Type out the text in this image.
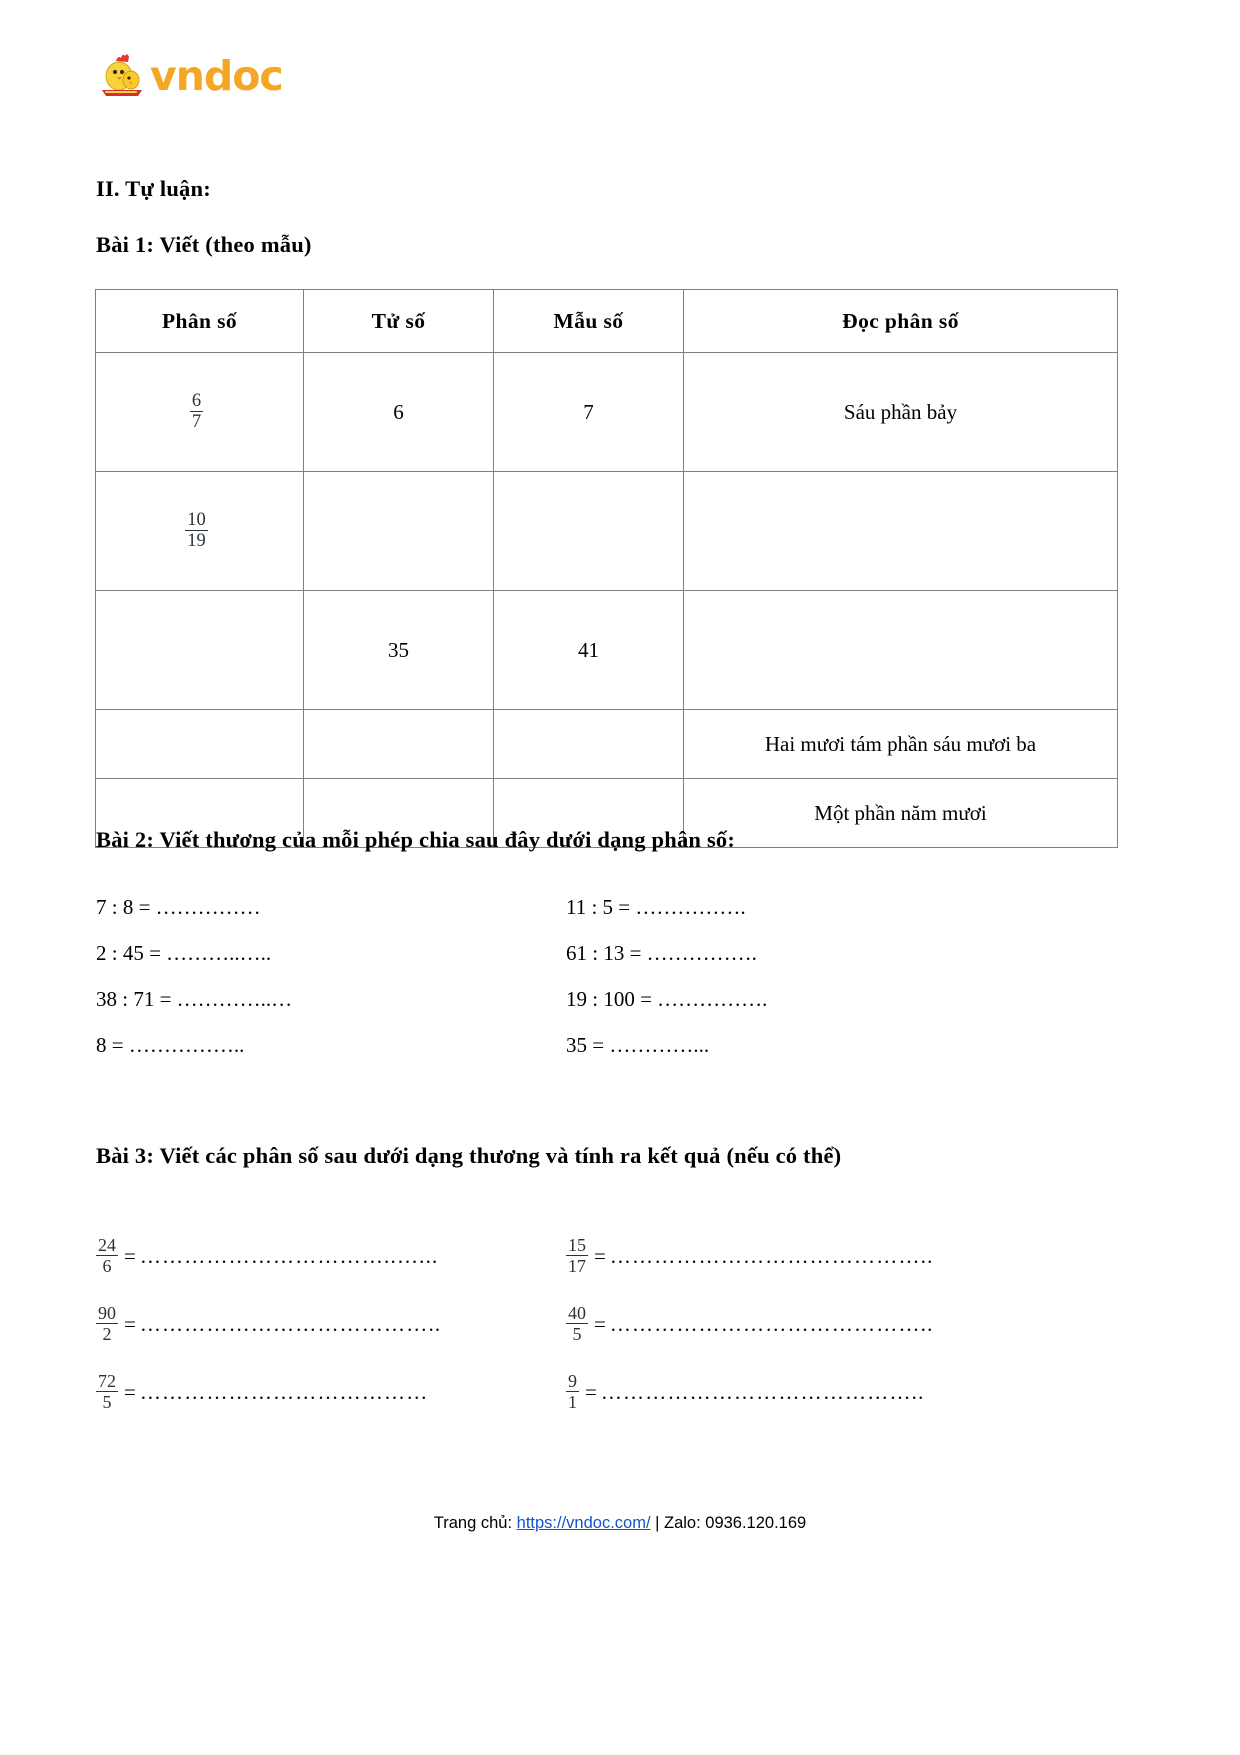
vndoc
II. Tự luận:
Bài 1: Viết (theo mẫu)
Phân số	Tử số	Mẫu số	Đọc phân số

$\frac{6}{7}$	6	7	Sáu phần bảy

$\frac{10}{19}$

	35	41	
			Hai mươi tám phần sáu mươi ba
			Một phần năm mươi
Bài 2: Viết thương của mỗi phép chia sau đây dưới dạng phân số:
7 : 8 = ……………	11 : 5 = …………….
2 : 45 = ………..…..	61 : 13 = …………….
38 : 71 = …………..…	19 : 100 = …………….
8 = ……………..	35 = …………...
Bài 3: Viết các phân số sau dưới dạng thương và tính ra kết quả (nếu có thể)
$\frac{24}{6}$ = ……………………………..…...	$\frac{15}{17}$ = ……………………………………..
$\frac{90}{2}$ = …………………………………..	$\frac{40}{5}$ = ……………………………………..
$\frac{72}{5}$ = …………………………………	$\frac{9}{1}$ = ……………………………………..
Trang chủ: https://vndoc.com/ | Zalo: 0936.120.169
